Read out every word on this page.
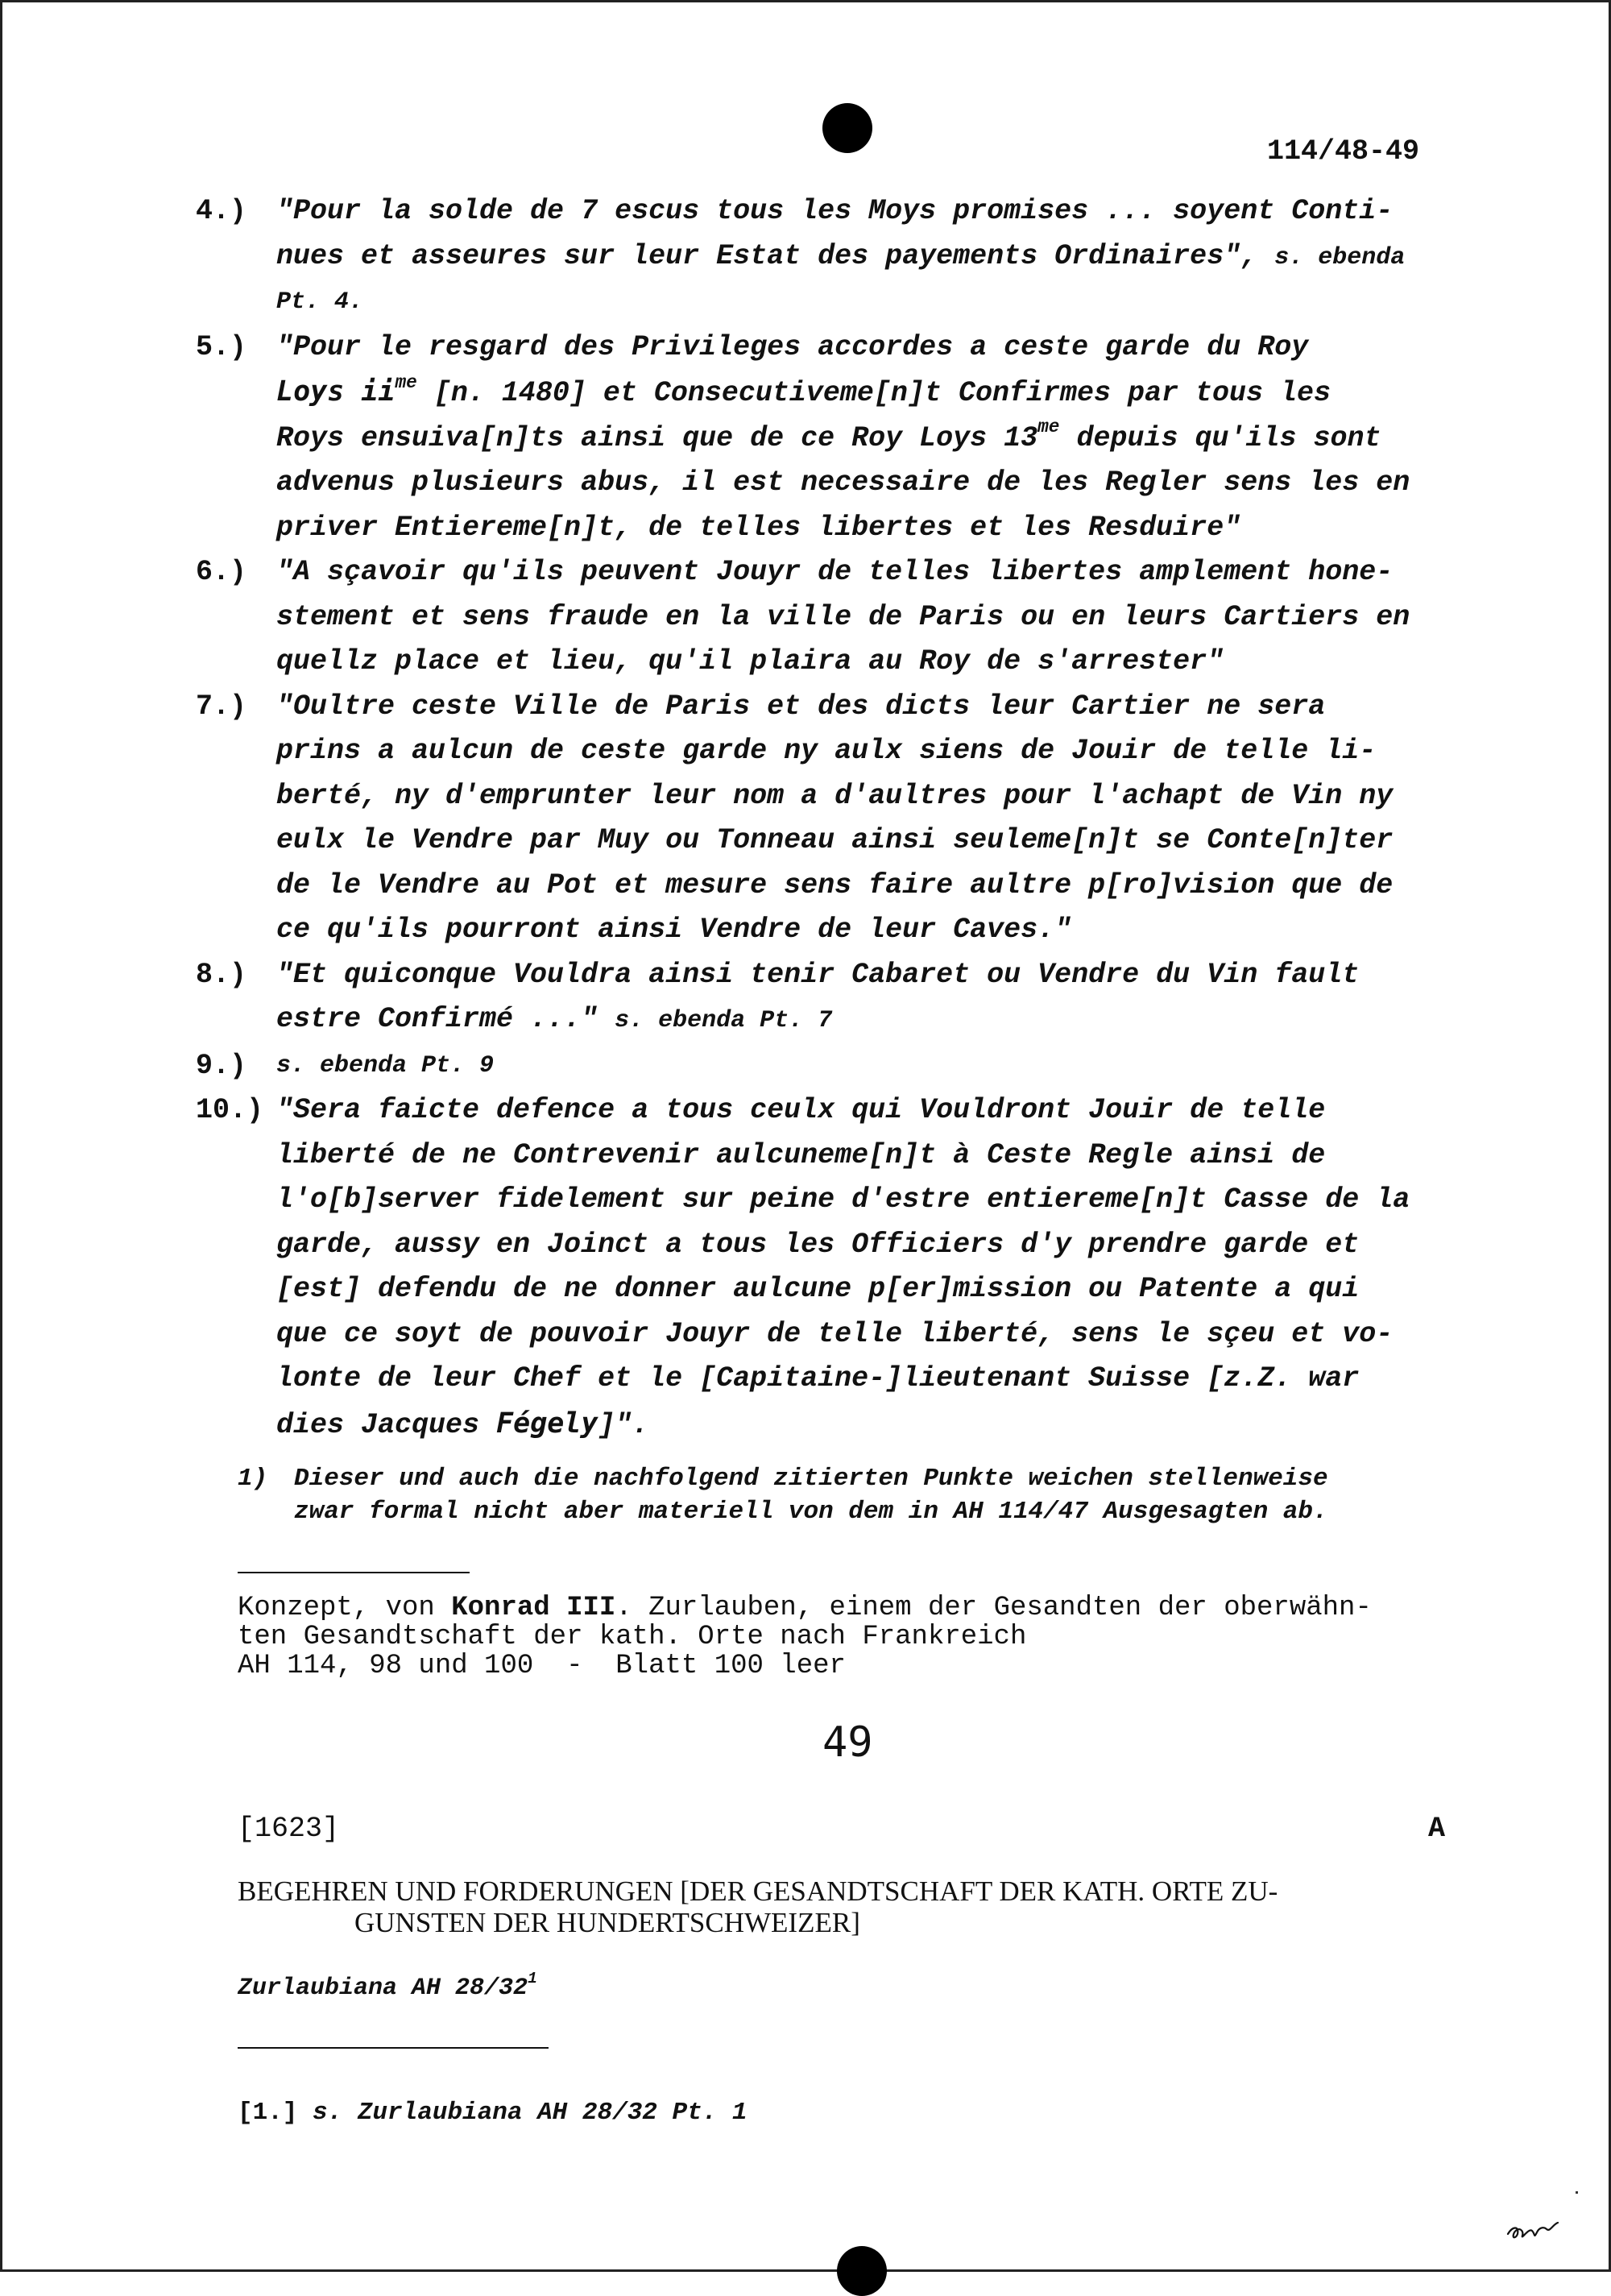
114/48-49
4.) "Pour la solde de 7 escus tous les Moys promises ... soyent Conti-
nues et asseures sur leur Estat des payements Ordinaires", s. ebenda
Pt. 4.
5.) "Pour le resgard des Privileges accordes a ceste garde du Roy
Loys $ii^{me}$ [n. 1480] et Consecutiveme[n]t Confirmes par tous les
Roys ensuiva[n]ts ainsi que de ce Roy Loys $13^{me}$ depuis qu'ils sont
advenus plusieurs abus, il est necessaire de les Regler sens les en
priver Entiereme[n]t, de telles libertes et les Resduire"
6.) "A sçavoir qu'ils peuvent Jouyr de telles libertes amplement hone-
stement et sens fraude en la ville de Paris ou en leurs Cartiers en
quellz place et lieu, qu'il plaira au Roy de s'arrester"
7.) "Oultre ceste Ville de Paris et des dicts leur Cartier ne sera
prins a aulcun de ceste garde ny aulx siens de Jouir de telle li-
berté, ny d'emprunter leur nom a d'aultres pour l'achapt de Vin ny
eulx le Vendre par Muy ou Tonneau ainsi seuleme[n]t se Conte[n]ter
de le Vendre au Pot et mesure sens faire aultre p[ro]vision que de
ce qu'ils pourront ainsi Vendre de leur Caves."
8.) "Et quiconque Vouldra ainsi tenir Cabaret ou Vendre du Vin fault
estre Confirmé ..." s. ebenda Pt. 7
9.) s. ebenda Pt. 9
10.) "Sera faicte defence a tous ceulx qui Vouldront Jouir de telle
liberté de ne Contrevenir aulcuneme[n]t à Ceste Regle ainsi de
l'o[b]server fidelement sur peine d'estre entiereme[n]t Casse de la
garde, aussy en Joinct a tous les Officiers d'y prendre garde et
[est] defendu de ne donner aulcune p[er]mission ou Patente a qui
que ce soyt de pouvoir Jouyr de telle liberté, sens le sçeu et vo-
lonte de leur Chef et le [Capitaine-]lieutenant Suisse [z.Z. war
dies Jacques Fégely]".
1) Dieser und auch die nachfolgend zitierten Punkte weichen stellenweise
zwar formal nicht aber materiell von dem in AH 114/47 Ausgesagten ab.
Konzept, von Konrad III. Zurlauben, einem der Gesandten der oberwähn-
ten Gesandtschaft der kath. Orte nach Frankreich
AH 114, 98 und 100  -  Blatt 100 leer
49
[1623]	A
BEGEHREN UND FORDERUNGEN [DER GESANDTSCHAFT DER KATH. ORTE ZU-
GUNSTEN DER HUNDERTSCHWEIZER]
Zurlaubiana AH $28/32^1$
[1.] s. Zurlaubiana AH 28/32 Pt. 1
